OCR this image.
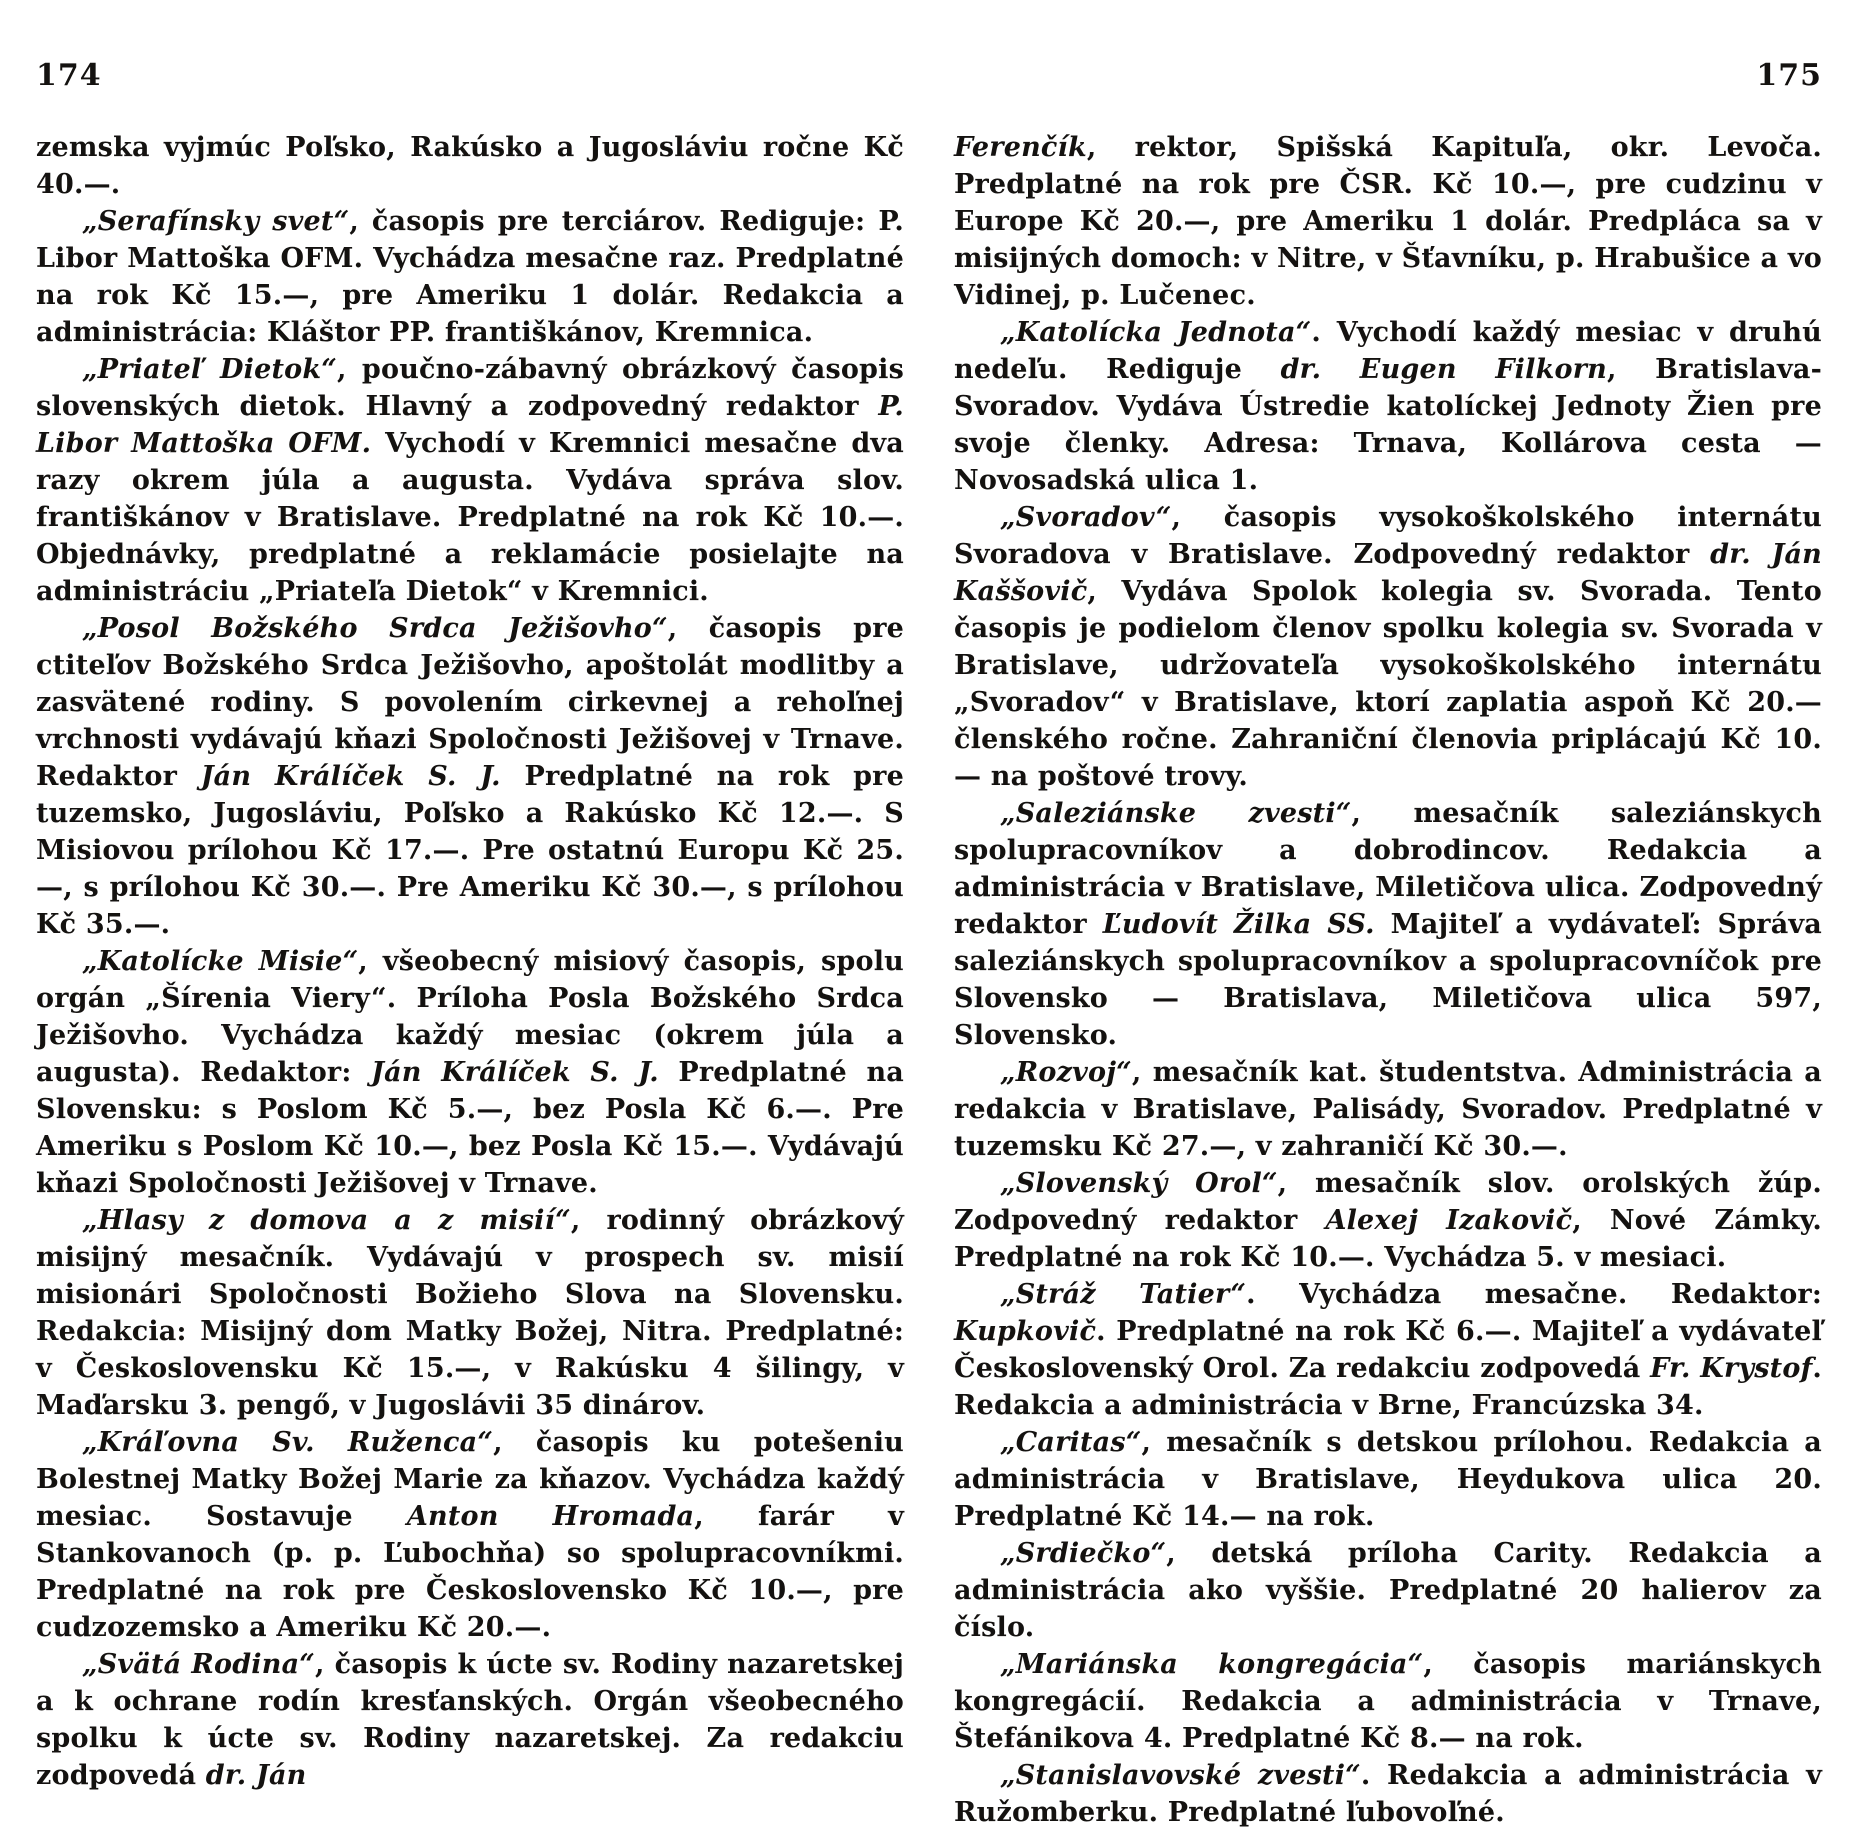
174

zemska vyjmúc Poľsko, Rakúsko a Jugosláviu ročne Kč 40.—.

„Serafínsky svet“, časopis pre terciárov. Rediguje: P. Libor Mattoška OFM. Vychádza mesačne raz. Predplatné na rok Kč 15.—, pre Ameriku 1 dolár. Redakcia a administrácia: Kláštor PP. františkánov, Kremnica.

„Priateľ Dietok“, poučno-zábavný obrázkový časopis slovenských dietok. Hlavný a zodpovedný redaktor P. Libor Mattoška OFM. Vychodí v Kremnici mesačne dva razy okrem júla a augusta. Vydáva správa slov. františkánov v Bratislave. Predplatné na rok Kč 10.—. Objednávky, predplatné a reklamácie posielajte na administráciu „Priateľa Dietok“ v Kremnici.

„Posol Božského Srdca Ježišovho“, časopis pre ctiteľov Božského Srdca Ježišovho, apoštolát modlitby a zasvätené rodiny. S povolením cirkevnej a rehoľnej vrchnosti vydávajú kňazi Spoločnosti Ježišovej v Trnave. Redaktor Ján Králíček S. J. Predplatné na rok pre tuzemsko, Jugosláviu, Poľsko a Rakúsko Kč 12.—. S Misiovou prílohou Kč 17.—. Pre ostatnú Europu Kč 25.—, s prílohou Kč 30.—. Pre Ameriku Kč 30.—, s prílohou Kč 35.—.

„Katolícke Misie“, všeobecný misiový časopis, spolu orgán „Šírenia Viery“. Príloha Posla Božského Srdca Ježišovho. Vychádza každý mesiac (okrem júla a augusta). Redaktor: Ján Králíček S. J. Predplatné na Slovensku: s Poslom Kč 5.—, bez Posla Kč 6.—. Pre Ameriku s Poslom Kč 10.—, bez Posla Kč 15.—. Vydávajú kňazi Spoločnosti Ježišovej v Trnave.

„Hlasy z domova a z misií“, rodinný obrázkový misijný mesačník. Vydávajú v prospech sv. misií misionári Spoločnosti Božieho Slova na Slovensku. Redakcia: Misijný dom Matky Božej, Nitra. Predplatné: v Československu Kč 15.—, v Rakúsku 4 šilingy, v Maďarsku 3. pengő, v Jugoslávii 35 dinárov.

„Kráľovna Sv. Ruženca“, časopis ku potešeniu Bolestnej Matky Božej Marie za kňazov. Vychádza každý mesiac. Sostavuje Anton Hromada, farár v Stankovanoch (p. p. Ľubochňa) so spolupracovníkmi. Predplatné na rok pre Československo Kč 10.—, pre cudzozemsko a Ameriku Kč 20.—.

„Svätá Rodina“, časopis k úcte sv. Rodiny nazaretskej a k ochrane rodín kresťanských. Orgán všeobecného spolku k úcte sv. Rodiny nazaretskej. Za redakciu zodpovedá dr. Ján

175

Ferenčík, rektor, Spišská Kapituľa, okr. Levoča. Predplatné na rok pre ČSR. Kč 10.—, pre cudzinu v Europe Kč 20.—, pre Ameriku 1 dolár. Predpláca sa v misijných domoch: v Nitre, v Šťavníku, p. Hrabušice a vo Vidinej, p. Lučenec.

„Katolícka Jednota“. Vychodí každý mesiac v druhú nedeľu. Rediguje dr. Eugen Filkorn, Bratislava-Svoradov. Vydáva Ústredie katolíckej Jednoty Žien pre svoje členky. Adresa: Trnava, Kollárova cesta — Novosadská ulica 1.

„Svoradov“, časopis vysokoškolského internátu Svoradova v Bratislave. Zodpovedný redaktor dr. Ján Kaššovič, Vydáva Spolok kolegia sv. Svorada. Tento časopis je podielom členov spolku kolegia sv. Svorada v Bratislave, udržovateľa vysokoškolského internátu „Svoradov“ v Bratislave, ktorí zaplatia aspoň Kč 20.— členského ročne. Zahraniční členovia priplácajú Kč 10.— na poštové trovy.

„Saleziánske zvesti“, mesačník saleziánskych spolupracovníkov a dobrodincov. Redakcia a administrácia v Bratislave, Miletičova ulica. Zodpovedný redaktor Ľudovít Žilka SS. Majiteľ a vydávateľ: Správa saleziánskych spolupracovníkov a spolupracovníčok pre Slovensko — Bratislava, Miletičova ulica 597, Slovensko.

„Rozvoj“, mesačník kat. študentstva. Administrácia a redakcia v Bratislave, Palisády, Svoradov. Predplatné v tuzemsku Kč 27.—, v zahraničí Kč 30.—.

„Slovenský Orol“, mesačník slov. orolských žúp. Zodpovedný redaktor Alexej Izakovič, Nové Zámky. Predplatné na rok Kč 10.—. Vychádza 5. v mesiaci.

„Stráž Tatier“. Vychádza mesačne. Redaktor: Kupkovič. Predplatné na rok Kč 6.—. Majiteľ a vydávateľ Československý Orol. Za redakciu zodpovedá Fr. Krystof. Redakcia a administrácia v Brne, Francúzska 34.

„Caritas“, mesačník s detskou prílohou. Redakcia a administrácia v Bratislave, Heydukova ulica 20. Predplatné Kč 14.— na rok.

„Srdiečko“, detská príloha Carity. Redakcia a administrácia ako vyššie. Predplatné 20 halierov za číslo.

„Mariánska kongregácia“, časopis mariánskych kongregácií. Redakcia a administrácia v Trnave, Štefánikova 4. Predplatné Kč 8.— na rok.

„Stanislavovské zvesti“. Redakcia a administrácia v Ružomberku. Predplatné ľubovoľné.
